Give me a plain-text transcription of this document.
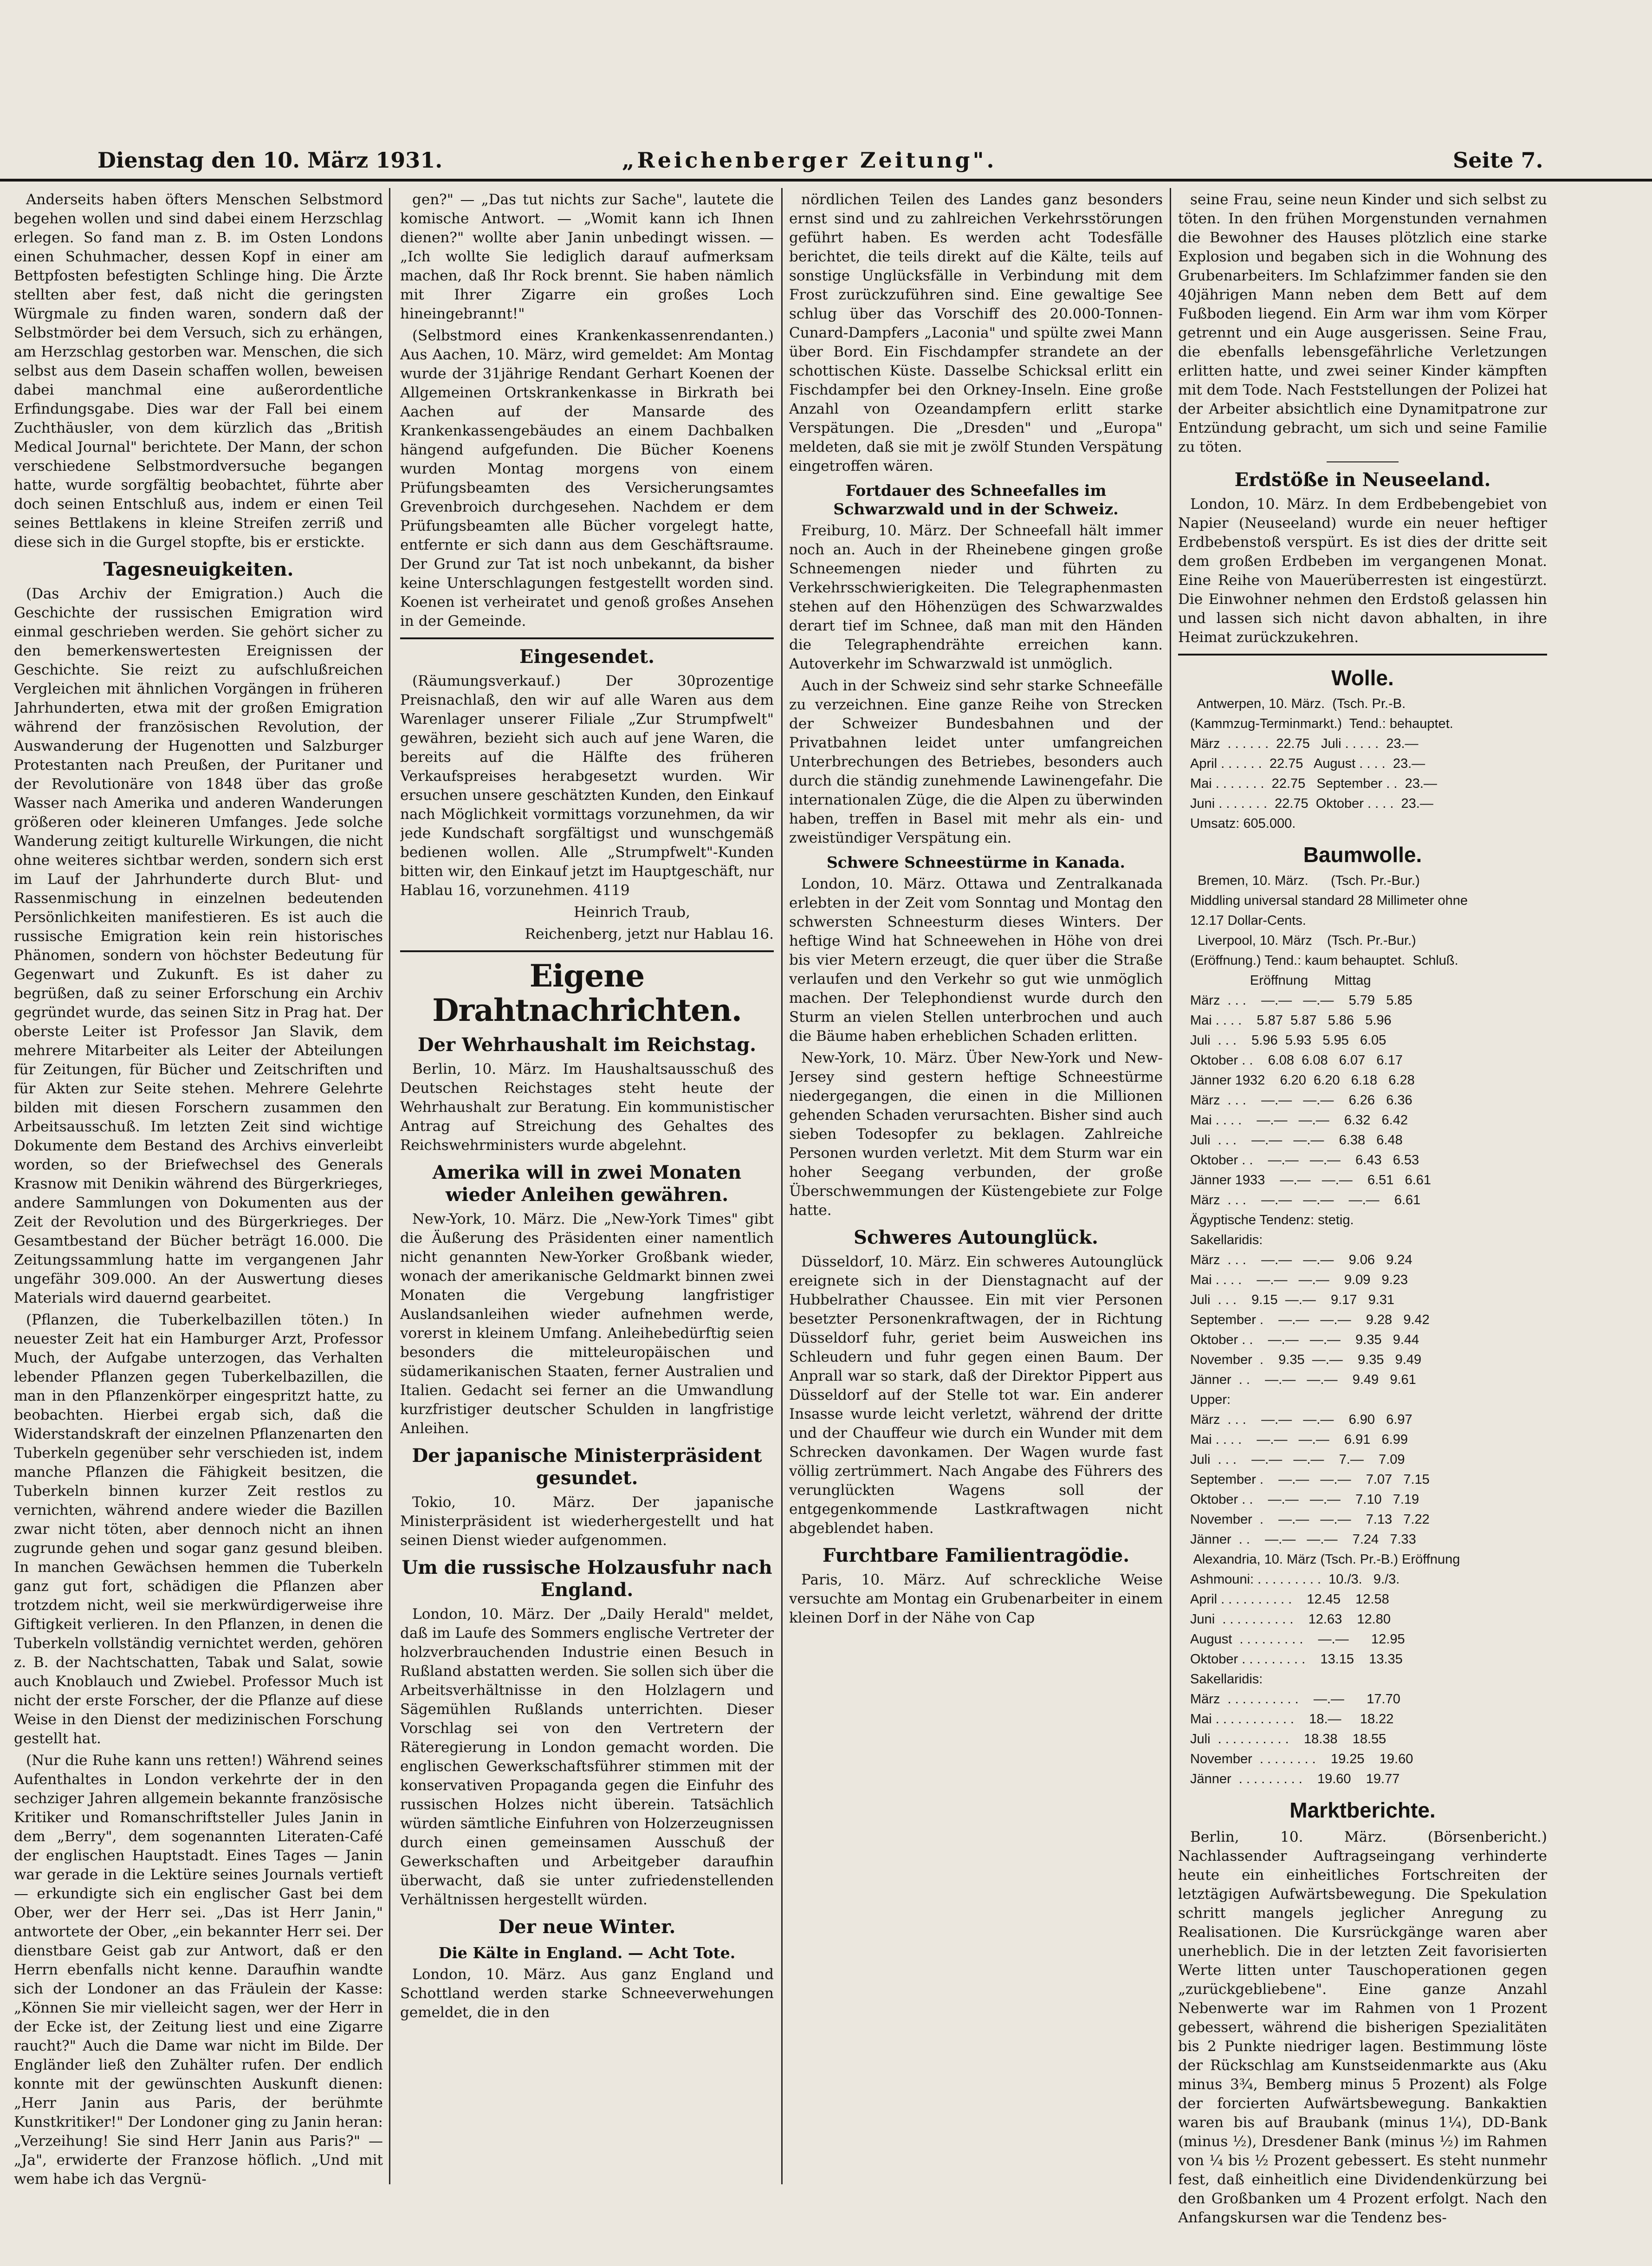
Dienstag den 10. März 1931.	„Reichenberger Zeitung".	Seite 7.

Anderseits haben öfters Menschen Selbstmord begehen wollen und sind dabei einem Herzschlag erlegen. So fand man z. B. im Osten Londons einen Schuhmacher, dessen Kopf in einer am Bettpfosten befestigten Schlinge hing. Die Ärzte stellten aber fest, daß nicht die geringsten Würgmale zu finden waren, sondern daß der Selbstmörder bei dem Versuch, sich zu erhängen, am Herzschlag gestorben war. Menschen, die sich selbst aus dem Dasein schaffen wollen, beweisen dabei manchmal eine außerordentliche Erfindungsgabe. Dies war der Fall bei einem Zuchthäusler, von dem kürzlich das „British Medical Journal" berichtete. Der Mann, der schon verschiedene Selbstmordversuche begangen hatte, wurde sorgfältig beobachtet, führte aber doch seinen Entschluß aus, indem er einen Teil seines Bettlakens in kleine Streifen zerriß und diese sich in die Gurgel stopfte, bis er erstickte.

Tagesneuigkeiten.

(Das Archiv der Emigration.) Auch die Geschichte der russischen Emigration wird einmal geschrieben werden. Sie gehört sicher zu den bemerkenswertesten Ereignissen der Geschichte. Sie reizt zu aufschlußreichen Vergleichen mit ähnlichen Vorgängen in früheren Jahrhunderten, etwa mit der großen Emigration während der französischen Revolution, der Auswanderung der Hugenotten und Salzburger Protestanten nach Preußen, der Puritaner und der Revolutionäre von 1848 über das große Wasser nach Amerika und anderen Wanderungen größeren oder kleineren Umfanges. Jede solche Wanderung zeitigt kulturelle Wirkungen, die nicht ohne weiteres sichtbar werden, sondern sich erst im Lauf der Jahrhunderte durch Blut- und Rassenmischung in einzelnen bedeutenden Persönlichkeiten manifestieren. Es ist auch die russische Emigration kein rein historisches Phänomen, sondern von höchster Bedeutung für Gegenwart und Zukunft. Es ist daher zu begrüßen, daß zu seiner Erforschung ein Archiv gegründet wurde, das seinen Sitz in Prag hat. Der oberste Leiter ist Professor Jan Slavik, dem mehrere Mitarbeiter als Leiter der Abteilungen für Zeitungen, für Bücher und Zeitschriften und für Akten zur Seite stehen. Mehrere Gelehrte bilden mit diesen Forschern zusammen den Arbeitsausschuß. Im letzten Zeit sind wichtige Dokumente dem Bestand des Archivs einverleibt worden, so der Briefwechsel des Generals Krasnow mit Denikin während des Bürgerkrieges, andere Sammlungen von Dokumenten aus der Zeit der Revolution und des Bürgerkrieges. Der Gesamtbestand der Bücher beträgt 16.000. Die Zeitungssammlung hatte im vergangenen Jahr ungefähr 309.000. An der Auswertung dieses Materials wird dauernd gearbeitet.

(Pflanzen, die Tuberkelbazillen töten.) In neuester Zeit hat ein Hamburger Arzt, Professor Much, der Aufgabe unterzogen, das Verhalten lebender Pflanzen gegen Tuberkelbazillen, die man in den Pflanzenkörper eingespritzt hatte, zu beobachten. Hierbei ergab sich, daß die Widerstandskraft der einzelnen Pflanzenarten den Tuberkeln gegenüber sehr verschieden ist, indem manche Pflanzen die Fähigkeit besitzen, die Tuberkeln binnen kurzer Zeit restlos zu vernichten, während andere wieder die Bazillen zwar nicht töten, aber dennoch nicht an ihnen zugrunde gehen und sogar ganz gesund bleiben. In manchen Gewächsen hemmen die Tuberkeln ganz gut fort, schädigen die Pflanzen aber trotzdem nicht, weil sie merkwürdigerweise ihre Giftigkeit verlieren. In den Pflanzen, in denen die Tuberkeln vollständig vernichtet werden, gehören z. B. der Nachtschatten, Tabak und Salat, sowie auch Knoblauch und Zwiebel. Professor Much ist nicht der erste Forscher, der die Pflanze auf diese Weise in den Dienst der medizinischen Forschung gestellt hat.

(Nur die Ruhe kann uns retten!) Während seines Aufenthaltes in London verkehrte der in den sechziger Jahren allgemein bekannte französische Kritiker und Romanschriftsteller Jules Janin in dem „Berry", dem sogenannten Literaten-Café der englischen Hauptstadt. Eines Tages — Janin war gerade in die Lektüre seines Journals vertieft — erkundigte sich ein englischer Gast bei dem Ober, wer der Herr sei. „Das ist Herr Janin," antwortete der Ober, „ein bekannter Herr sei. Der dienstbare Geist gab zur Antwort, daß er den Herrn ebenfalls nicht kenne. Daraufhin wandte sich der Londoner an das Fräulein der Kasse: „Können Sie mir vielleicht sagen, wer der Herr in der Ecke ist, der Zeitung liest und eine Zigarre raucht?" Auch die Dame war nicht im Bilde. Der Engländer ließ den Zuhälter rufen. Der endlich konnte mit der gewünschten Auskunft dienen: „Herr Janin aus Paris, der berühmte Kunstkritiker!" Der Londoner ging zu Janin heran: „Verzeihung! Sie sind Herr Janin aus Paris?" — „Ja", erwiderte der Franzose höflich. „Und mit wem habe ich das Vergnü-

gen?" — „Das tut nichts zur Sache", lautete die komische Antwort. — „Womit kann ich Ihnen dienen?" wollte aber Janin unbedingt wissen. — „Ich wollte Sie lediglich darauf aufmerksam machen, daß Ihr Rock brennt. Sie haben nämlich mit Ihrer Zigarre ein großes Loch hineingebrannt!"

(Selbstmord eines Krankenkassenrendanten.) Aus Aachen, 10. März, wird gemeldet: Am Montag wurde der 31jährige Rendant Gerhart Koenen der Allgemeinen Ortskrankenkasse in Birkrath bei Aachen auf der Mansarde des Krankenkassengebäudes an einem Dachbalken hängend aufgefunden. Die Bücher Koenens wurden Montag morgens von einem Prüfungsbeamten des Versicherungsamtes Grevenbroich durchgesehen. Nachdem er dem Prüfungsbeamten alle Bücher vorgelegt hatte, entfernte er sich dann aus dem Geschäftsraume. Der Grund zur Tat ist noch unbekannt, da bisher keine Unterschlagungen festgestellt worden sind. Koenen ist verheiratet und genoß großes Ansehen in der Gemeinde.

Eingesendet.

(Räumungsverkauf.) Der 30prozentige Preisnachlaß, den wir auf alle Waren aus dem Warenlager unserer Filiale „Zur Strumpfwelt" gewähren, bezieht sich auch auf jene Waren, die bereits auf die Hälfte des früheren Verkaufspreises herabgesetzt wurden. Wir ersuchen unsere geschätzten Kunden, den Einkauf nach Möglichkeit vormittags vorzunehmen, da wir jede Kundschaft sorgfältigst und wunschgemäß bedienen wollen. Alle „Strumpfwelt"-Kunden bitten wir, den Einkauf jetzt im Hauptgeschäft, nur Hablau 16, vorzunehmen. 4119

Heinrich Traub,

Reichenberg, jetzt nur Hablau 16.

Eigene Drahtnachrichten.
Der Wehrhaushalt im Reichstag.

Berlin, 10. März. Im Haushaltsausschuß des Deutschen Reichstages steht heute der Wehrhaushalt zur Beratung. Ein kommunistischer Antrag auf Streichung des Gehaltes des Reichswehrministers wurde abgelehnt.

Amerika will in zwei Monaten wieder Anleihen gewähren.

New-York, 10. März. Die „New-York Times" gibt die Äußerung des Präsidenten einer namentlich nicht genannten New-Yorker Großbank wieder, wonach der amerikanische Geldmarkt binnen zwei Monaten die Vergebung langfristiger Auslandsanleihen wieder aufnehmen werde, vorerst in kleinem Umfang. Anleihebedürftig seien besonders die mitteleuropäischen und südamerikanischen Staaten, ferner Australien und Italien. Gedacht sei ferner an die Umwandlung kurzfristiger deutscher Schulden in langfristige Anleihen.

Der japanische Ministerpräsident gesundet.

Tokio, 10. März. Der japanische Ministerpräsident ist wiederhergestellt und hat seinen Dienst wieder aufgenommen.

Um die russische Holzausfuhr nach England.

London, 10. März. Der „Daily Herald" meldet, daß im Laufe des Sommers englische Vertreter der holzverbrauchenden Industrie einen Besuch in Rußland abstatten werden. Sie sollen sich über die Arbeitsverhältnisse in den Holzlagern und Sägemühlen Rußlands unterrichten. Dieser Vorschlag sei von den Vertretern der Räteregierung in London gemacht worden. Die englischen Gewerkschaftsführer stimmen mit der konservativen Propaganda gegen die Einfuhr des russischen Holzes nicht überein. Tatsächlich würden sämtliche Einfuhren von Holzerzeugnissen durch einen gemeinsamen Ausschuß der Gewerkschaften und Arbeitgeber daraufhin überwacht, daß sie unter zufriedenstellenden Verhältnissen hergestellt würden.

Der neue Winter.
Die Kälte in England. — Acht Tote.

London, 10. März. Aus ganz England und Schottland werden starke Schneeverwehungen gemeldet, die in den

nördlichen Teilen des Landes ganz besonders ernst sind und zu zahlreichen Verkehrsstörungen geführt haben. Es werden acht Todesfälle berichtet, die teils direkt auf die Kälte, teils auf sonstige Unglücksfälle in Verbindung mit dem Frost zurückzuführen sind. Eine gewaltige See schlug über das Vorschiff des 20.000-Tonnen-Cunard-Dampfers „Laconia" und spülte zwei Mann über Bord. Ein Fischdampfer strandete an der schottischen Küste. Dasselbe Schicksal erlitt ein Fischdampfer bei den Orkney-Inseln. Eine große Anzahl von Ozeandampfern erlitt starke Verspätungen. Die „Dresden" und „Europa" meldeten, daß sie mit je zwölf Stunden Verspätung eingetroffen wären.

Fortdauer des Schneefalles im Schwarzwald und in der Schweiz.

Freiburg, 10. März. Der Schneefall hält immer noch an. Auch in der Rheinebene gingen große Schneemengen nieder und führten zu Verkehrsschwierigkeiten. Die Telegraphenmasten stehen auf den Höhenzügen des Schwarzwaldes derart tief im Schnee, daß man mit den Händen die Telegraphendrähte erreichen kann. Autoverkehr im Schwarzwald ist unmöglich.

Auch in der Schweiz sind sehr starke Schneefälle zu verzeichnen. Eine ganze Reihe von Strecken der Schweizer Bundesbahnen und der Privatbahnen leidet unter umfangreichen Unterbrechungen des Betriebes, besonders auch durch die ständig zunehmende Lawinengefahr. Die internationalen Züge, die die Alpen zu überwinden haben, treffen in Basel mit mehr als ein- und zweistündiger Verspätung ein.

Schwere Schneestürme in Kanada.

London, 10. März. Ottawa und Zentralkanada erlebten in der Zeit vom Sonntag und Montag den schwersten Schneesturm dieses Winters. Der heftige Wind hat Schneewehen in Höhe von drei bis vier Metern erzeugt, die quer über die Straße verlaufen und den Verkehr so gut wie unmöglich machen. Der Telephondienst wurde durch den Sturm an vielen Stellen unterbrochen und auch die Bäume haben erheblichen Schaden erlitten.

New-York, 10. März. Über New-York und New-Jersey sind gestern heftige Schneestürme niedergegangen, die einen in die Millionen gehenden Schaden verursachten. Bisher sind auch sieben Todesopfer zu beklagen. Zahlreiche Personen wurden verletzt. Mit dem Sturm war ein hoher Seegang verbunden, der große Überschwemmungen der Küstengebiete zur Folge hatte.

Schweres Autounglück.

Düsseldorf, 10. März. Ein schweres Autounglück ereignete sich in der Dienstagnacht auf der Hubbelrather Chaussee. Ein mit vier Personen besetzter Personenkraftwagen, der in Richtung Düsseldorf fuhr, geriet beim Ausweichen ins Schleudern und fuhr gegen einen Baum. Der Anprall war so stark, daß der Direktor Pippert aus Düsseldorf auf der Stelle tot war. Ein anderer Insasse wurde leicht verletzt, während der dritte und der Chauffeur wie durch ein Wunder mit dem Schrecken davonkamen. Der Wagen wurde fast völlig zertrümmert. Nach Angabe des Führers des verunglückten Wagens soll der entgegenkommende Lastkraftwagen nicht abgeblendet haben.

Furchtbare Familientragödie.

Paris, 10. März. Auf schreckliche Weise versuchte am Montag ein Grubenarbeiter in einem kleinen Dorf in der Nähe von Cap

seine Frau, seine neun Kinder und sich selbst zu töten. In den frühen Morgenstunden vernahmen die Bewohner des Hauses plötzlich eine starke Explosion und begaben sich in die Wohnung des Grubenarbeiters. Im Schlafzimmer fanden sie den 40jährigen Mann neben dem Bett auf dem Fußboden liegend. Ein Arm war ihm vom Körper getrennt und ein Auge ausgerissen. Seine Frau, die ebenfalls lebensgefährliche Verletzungen erlitten hatte, und zwei seiner Kinder kämpften mit dem Tode. Nach Feststellungen der Polizei hat der Arbeiter absichtlich eine Dynamitpatrone zur Entzündung gebracht, um sich und seine Familie zu töten.

Erdstöße in Neuseeland.

London, 10. März. In dem Erdbebengebiet von Napier (Neuseeland) wurde ein neuer heftiger Erdbebenstoß verspürt. Es ist dies der dritte seit dem großen Erdbeben im vergangenen Monat. Eine Reihe von Mauerüberresten ist eingestürzt. Die Einwohner nehmen den Erdstoß gelassen hin und lassen sich nicht davon abhalten, in ihre Heimat zurückzukehren.

Wolle.

Antwerpen, 10. März.  (Tsch. Pr.-B.

(Kammzug-Terminmarkt.)  Tend.: behauptet.

März  . . . . . .  22.75   Juli . . . . .  23.—

April . . . . . .  22.75   August . . . .  23.—

Mai . . . . . . .  22.75   September . .  23.—

Juni . . . . . . .  22.75  Oktober . . . .  23.—

Umsatz: 605.000.

Baumwolle.

Bremen, 10. März.      (Tsch. Pr.-Bur.)

Middling universal standard 28 Millimeter ohne

12.17 Dollar-Cents.

Liverpool, 10. März    (Tsch. Pr.-Bur.)

(Eröffnung.) Tend.: kaum behauptet.  Schluß.

Eröffnung       Mittag

März  . . .    —.—   —.—    5.79   5.85

Mai . . . .    5.87  5.87   5.86   5.96

Juli  . . .    5.96  5.93   5.95   6.05

Oktober . .    6.08  6.08   6.07   6.17

Jänner 1932    6.20  6.20   6.18   6.28

März  . . .    —.—   —.—    6.26   6.36

Mai . . . .    —.—   —.—    6.32   6.42

Juli  . . .    —.—   —.—    6.38   6.48

Oktober . .    —.—   —.—    6.43   6.53

Jänner 1933    —.—   —.—    6.51   6.61

März  . . .    —.—   —.—    —.—    6.61

Ägyptische Tendenz: stetig.

Sakellaridis:

März  . . .    —.—   —.—    9.06   9.24

Mai . . . .    —.—   —.—    9.09   9.23

Juli  . . .    9.15  —.—    9.17   9.31

September .    —.—   —.—    9.28   9.42

Oktober . .    —.—   —.—    9.35   9.44

November  .    9.35  —.—    9.35   9.49

Jänner  . .    —.—   —.—    9.49   9.61

Upper:

März  . . .    —.—   —.—    6.90   6.97

Mai . . . .    —.—   —.—    6.91   6.99

Juli  . . .    —.—   —.—    7.—    7.09

September .    —.—   —.—    7.07   7.15

Oktober . .    —.—   —.—    7.10   7.19

November  .    —.—   —.—    7.13   7.22

Jänner  . .    —.—   —.—    7.24   7.33

Alexandria, 10. März (Tsch. Pr.-B.) Eröffnung

Ashmouni: . . . . . . . . .  10./3.   9./3.

April . . . . . . . . . .    12.45    12.58

Juni  . . . . . . . . . .    12.63    12.80

August  . . . . . . . . .    —.—      12.95

Oktober . . . . . . . . .    13.15    13.35

Sakellaridis:

März  . . . . . . . . . .    —.—      17.70

Mai . . . . . . . . . . .    18.—     18.22

Juli  . . . . . . . . . .    18.38    18.55

November  . . . . . . . .    19.25    19.60

Jänner  . . . . . . . . .    19.60    19.77

Marktberichte.

Berlin, 10. März. (Börsenbericht.) Nachlassender Auftragseingang verhinderte heute ein einheitliches Fortschreiten der letztägigen Aufwärtsbewegung. Die Spekulation schritt mangels jeglicher Anregung zu Realisationen. Die Kursrückgänge waren aber unerheblich. Die in der letzten Zeit favorisierten Werte litten unter Tauschoperationen gegen „zurückgebliebene". Eine ganze Anzahl Nebenwerte war im Rahmen von 1 Prozent gebessert, während die bisherigen Spezialitäten bis 2 Punkte niedriger lagen. Bestimmung löste der Rückschlag am Kunstseidenmarkte aus (Aku minus 3¾, Bemberg minus 5 Prozent) als Folge der forcierten Aufwärtsbewegung. Bankaktien waren bis auf Braubank (minus 1¼), DD-Bank (minus ½), Dresdener Bank (minus ½) im Rahmen von ¼ bis ½ Prozent gebessert. Es steht nunmehr fest, daß einheitlich eine Dividendenkürzung bei den Großbanken um 4 Prozent erfolgt. Nach den Anfangskursen war die Tendenz bes-
